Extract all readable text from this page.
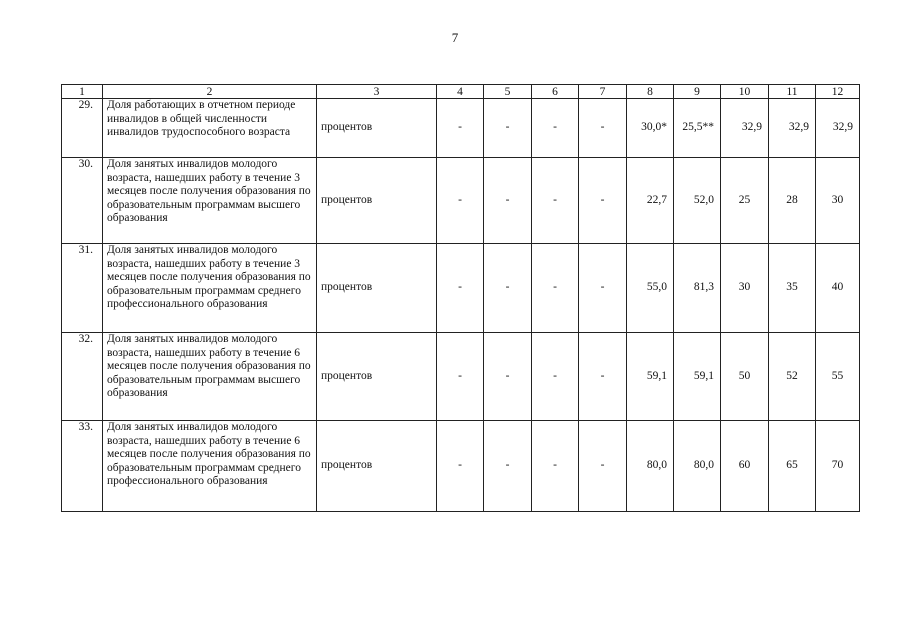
7
1	2	3	4	5	6	7	8	9	10	11	12
29.	Доля работающих в отчетном периоде инвалидов в общей численности инвалидов трудоспособного возраста	процентов	-	-	-	-	30,0*	25,5**	32,9	32,9	32,9
30.	Доля занятых инвалидов молодого возраста, нашедших работу в течение 3 месяцев после получения образования по образовательным программам высшего образования	процентов	-	-	-	-	22,7	52,0	25	28	30
31.	Доля занятых инвалидов молодого возраста, нашедших работу в течение 3 месяцев после получения образования по образовательным программам среднего профессионального образования	процентов	-	-	-	-	55,0	81,3	30	35	40
32.	Доля занятых инвалидов молодого возраста, нашедших работу в течение 6 месяцев после получения образования по образовательным программам высшего образования	процентов	-	-	-	-	59,1	59,1	50	52	55
33.	Доля занятых инвалидов молодого возраста, нашедших работу в течение 6 месяцев после получения образования по образовательным программам среднего профессионального образования	процентов	-	-	-	-	80,0	80,0	60	65	70
